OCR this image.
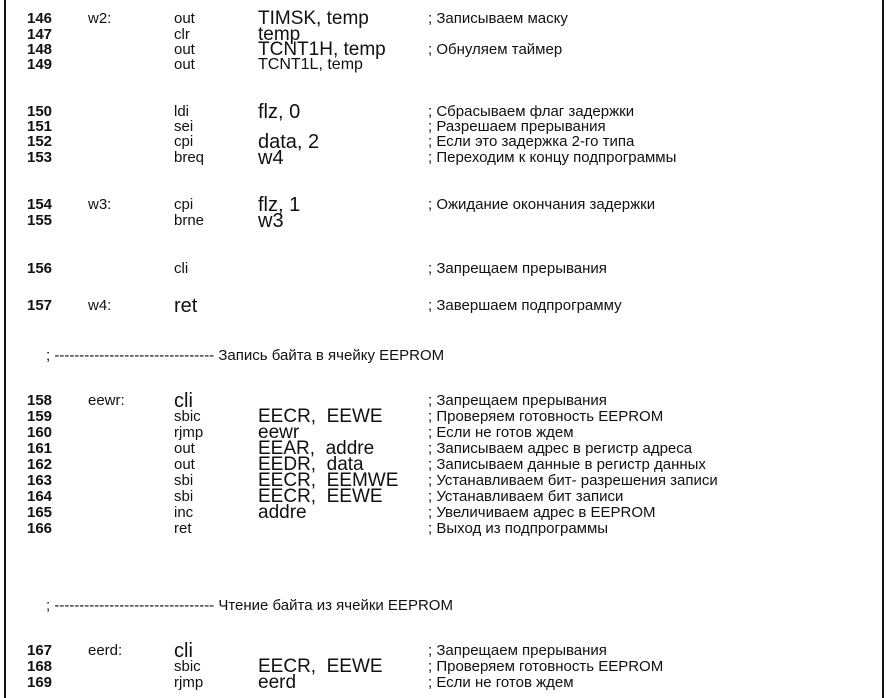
146 w2:	out	TIMSK, temp	; Записываем маску
147	clr	temp
148	out	TCNT1H, temp	; Обнуляем таймер
149	out	TCNT1L, temp
150	ldi	flz, 0	; Сбрасываем флаг задержки
151	sei	; Разрешаем прерывания
152	cpi	data, 2	; Если это задержка 2-го типа
153	breq	w4	; Переходим к концу подпрограммы
154 w3:	cpi	flz, 1	; Ожидание окончания задержки
155	brne	w3
156	cli	; Запрещаем прерывания
157 w4:	ret	; Завершаем подпрограмму
; -------------------------------- Запись байта в ячейку EEPROM
158 eewr: cli	; Запрещаем прерывания
159	sbic	EECR,  EEWE	; Проверяем готовность EEPROM
160	rjmp	eewr	; Если не готов ждем
161	out	EEAR,  addre	; Записываем адрес в регистр адреса
162	out	EEDR,  data	; Записываем данные в регистр данных
163	sbi	EECR,  EEMWE ; Устанавливаем бит- разрешения записи
164	sbi	EECR,  EEWE	; Устанавливаем бит записи
165	inc	addre	; Увеличиваем адрес в EEPROM
166	ret	; Выход из подпрограммы
; -------------------------------- Чтение байта из ячейки EEPROM
167 eerd:	cli	; Запрещаем прерывания
168	sbic	EECR,  EEWE	; Проверяем готовность EEPROM
169	rjmp	eerd	; Если не готов ждем
